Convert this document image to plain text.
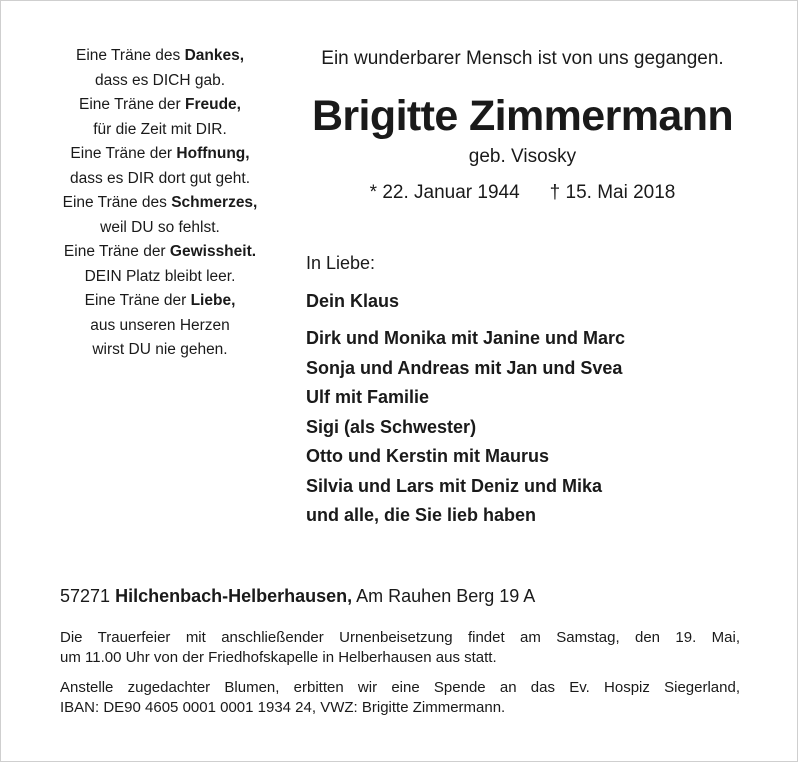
Eine Träne des Dankes,
dass es DICH gab.
Eine Träne der Freude,
für die Zeit mit DIR.
Eine Träne der Hoffnung,
dass es DIR dort gut geht.
Eine Träne des Schmerzes,
weil DU so fehlst.
Eine Träne der Gewissheit.
DEIN Platz bleibt leer.
Eine Träne der Liebe,
aus unseren Herzen
wirst DU nie gehen.
Ein wunderbarer Mensch ist von uns gegangen.
Brigitte Zimmermann
geb. Visosky
* 22. Januar 1944 † 15. Mai 2018
In Liebe:
Dein Klaus
Dirk und Monika mit Janine und Marc
Sonja und Andreas mit Jan und Svea
Ulf mit Familie
Sigi (als Schwester)
Otto und Kerstin mit Maurus
Silvia und Lars mit Deniz und Mika
und alle, die Sie lieb haben
57271 Hilchenbach-Helberhausen, Am Rauhen Berg 19 A
Die Trauerfeier mit anschließender Urnenbeisetzung findet am Samstag, den 19. Mai,
um 11.00 Uhr von der Friedhofskapelle in Helberhausen aus statt.
Anstelle zugedachter Blumen, erbitten wir eine Spende an das Ev. Hospiz Siegerland,
IBAN: DE90 4605 0001 0001 1934 24, VWZ: Brigitte Zimmermann.
